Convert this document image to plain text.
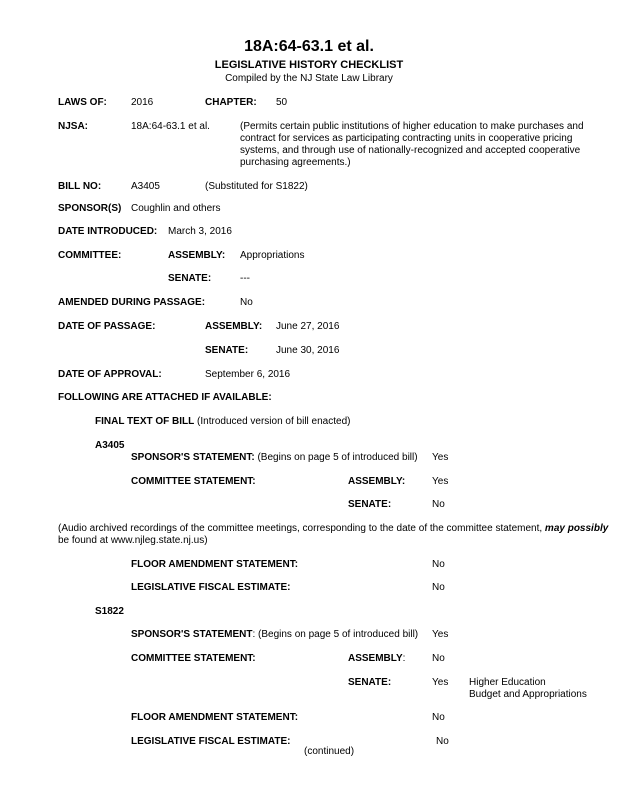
18A:64-63.1 et al.
LEGISLATIVE HISTORY CHECKLIST
Compiled by the NJ State Law Library
LAWS OF: 2016	CHAPTER: 50
NJSA:	18A:64-63.1 et al.	(Permits certain public institutions of higher education to make purchases and
contract for services as participating contracting units in cooperative pricing
systems, and through use of nationally-recognized and accepted cooperative
purchasing agreements.)
BILL NO:	A3405	(Substituted for S1822)
SPONSOR(S) Coughlin and others
DATE INTRODUCED: March 3, 2016
COMMITTEE:	ASSEMBLY: Appropriations
SENATE:	---
AMENDED DURING PASSAGE:	No
DATE OF PASSAGE:	ASSEMBLY: June 27, 2016
SENATE:	June 30, 2016
DATE OF APPROVAL:	September 6, 2016
FOLLOWING ARE ATTACHED IF AVAILABLE:
FINAL TEXT OF BILL (Introduced version of bill enacted)
A3405
SPONSOR'S STATEMENT: (Begins on page 5 of introduced bill) Yes
COMMITTEE STATEMENT:	ASSEMBLY:	Yes
SENATE:	No
(Audio archived recordings of the committee meetings, corresponding to the date of the committee statement, may possibly
be found at www.njleg.state.nj.us)
FLOOR AMENDMENT STATEMENT:	No
LEGISLATIVE FISCAL ESTIMATE:	No
S1822
SPONSOR'S STATEMENT: (Begins on page 5 of introduced bill) Yes
COMMITTEE STATEMENT:	ASSEMBLY:	No
SENATE:	Yes Higher Education
Budget and Appropriations
FLOOR AMENDMENT STATEMENT:	No
LEGISLATIVE FISCAL ESTIMATE:	No
(continued)
